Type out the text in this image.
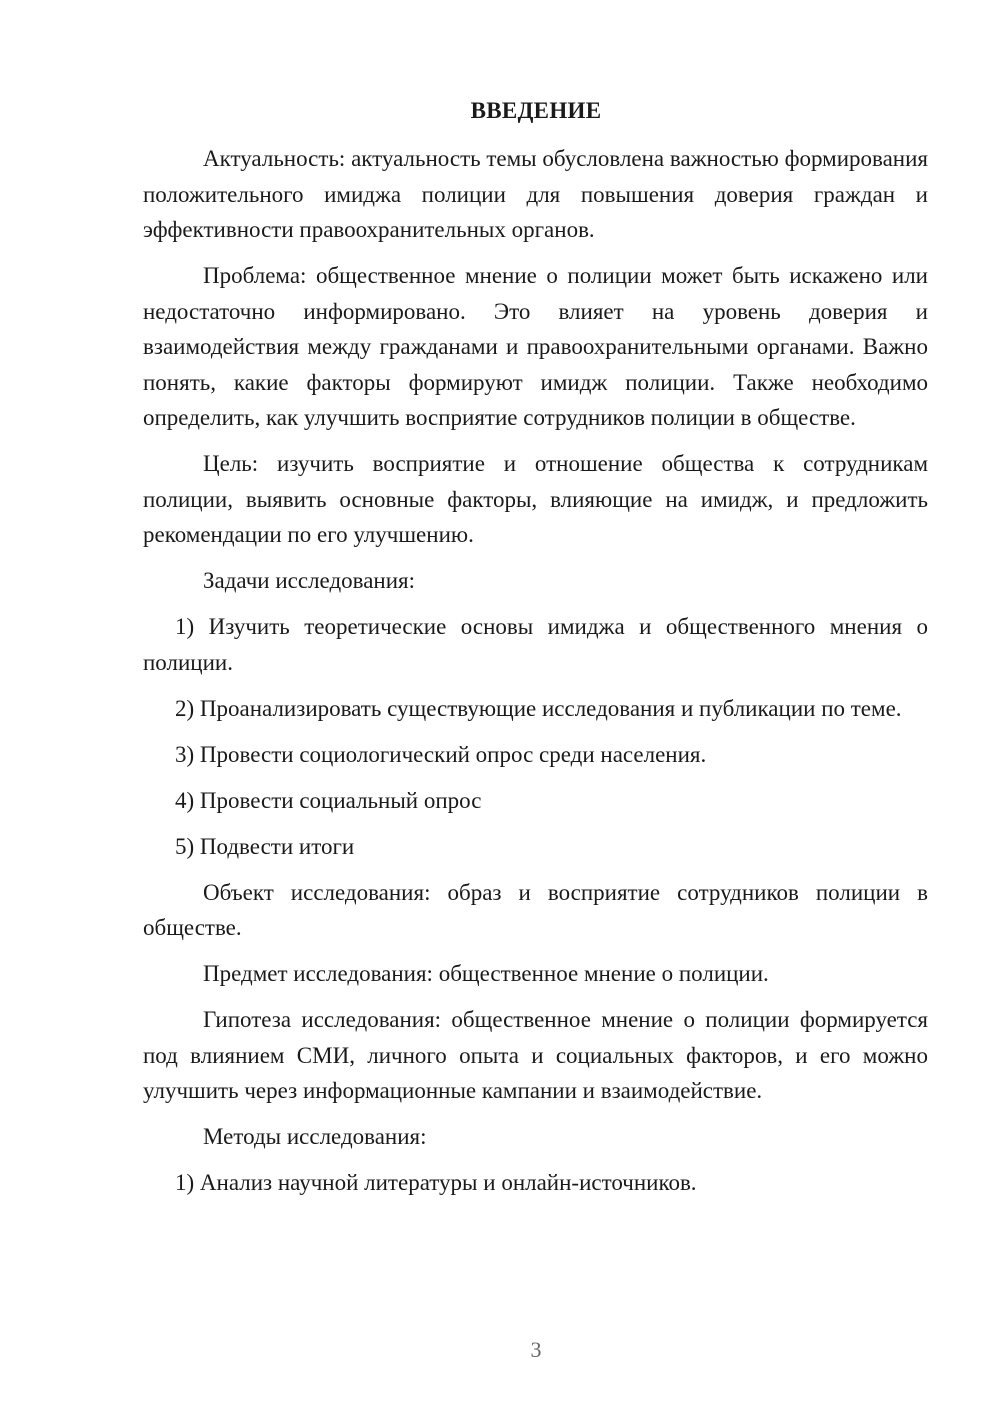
ВВЕДЕНИЕ

Актуальность: актуальность темы обусловлена важностью формирования положительного имиджа полиции для повышения доверия граждан и эффективности правоохранительных органов.

Проблема: общественное мнение о полиции может быть искажено или недостаточно информировано. Это влияет на уровень доверия и взаимодействия между гражданами и правоохранительными органами. Важно понять, какие факторы формируют имидж полиции. Также необходимо определить, как улучшить восприятие сотрудников полиции в обществе.

Цель: изучить восприятие и отношение общества к сотрудникам полиции, выявить основные факторы, влияющие на имидж, и предложить рекомендации по его улучшению.

Задачи исследования:

1) Изучить теоретические основы имиджа и общественного мнения о полиции.

2) Проанализировать существующие исследования и публикации по теме.

3) Провести социологический опрос среди населения.

4) Провести социальный опрос

5) Подвести итоги

Объект исследования: образ и восприятие сотрудников полиции в обществе.

Предмет исследования: общественное мнение о полиции.

Гипотеза исследования: общественное мнение о полиции формируется под влиянием СМИ, личного опыта и социальных факторов, и его можно улучшить через информационные кампании и взаимодействие.

Методы исследования:

1) Анализ научной литературы и онлайн-источников.

3
